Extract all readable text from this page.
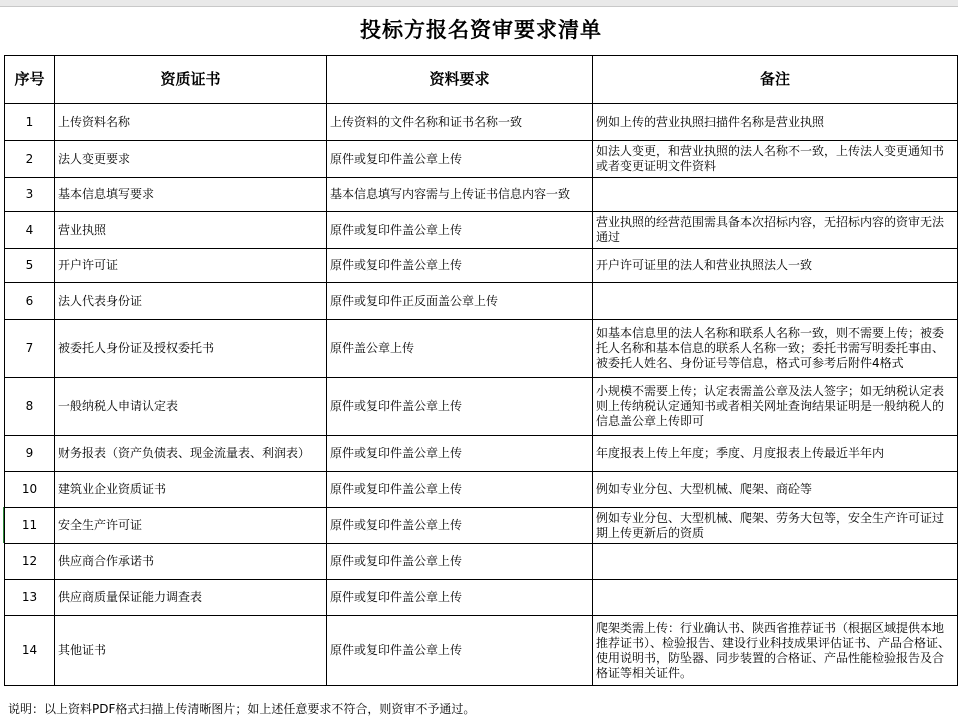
投标方报名资审要求清单			
序号	资质证书	资料要求	备注
1	上传资料名称	上传资料的文件名称和证书名称一致	例如上传的营业执照扫描件名称是营业执照
2	法人变更要求	原件或复印件盖公章上传	如法人变更，和营业执照的法人名称不一致，上传法人变更通知书或者变更证明文件资料
3	基本信息填写要求	基本信息填写内容需与上传证书信息内容一致	
4	营业执照	原件或复印件盖公章上传	营业执照的经营范围需具备本次招标内容，无招标内容的资审无法通过
5	开户许可证	原件或复印件盖公章上传	开户许可证里的法人和营业执照法人一致
6	法人代表身份证	原件或复印件正反面盖公章上传	
7	被委托人身份证及授权委托书	原件盖公章上传	如基本信息里的法人名称和联系人名称一致，则不需要上传；被委托人名称和基本信息的联系人名称一致；委托书需写明委托事由、被委托人姓名、身份证号等信息，格式可参考后附件4格式
8	一般纳税人申请认定表	原件或复印件盖公章上传	小规模不需要上传；认定表需盖公章及法人签字；如无纳税认定表则上传纳税认定通知书或者相关网址查询结果证明是一般纳税人的信息盖公章上传即可
9	财务报表（资产负债表、现金流量表、利润表）	原件或复印件盖公章上传	年度报表上传上年度；季度、月度报表上传最近半年内
10	建筑业企业资质证书	原件或复印件盖公章上传	例如专业分包、大型机械、爬架、商砼等
11	安全生产许可证	原件或复印件盖公章上传	例如专业分包、大型机械、爬架、劳务大包等，安全生产许可证过期上传更新后的资质
12	供应商合作承诺书	原件或复印件盖公章上传	
13	供应商质量保证能力调查表	原件或复印件盖公章上传	
14	其他证书	原件或复印件盖公章上传	爬架类需上传：行业确认书、陕西省推荐证书（根据区域提供本地推荐证书）、检验报告、建设行业科技成果评估证书、产品合格证、使用说明书，防坠器、同步装置的合格证、产品性能检验报告及合格证等相关证件。
说明：以上资料PDF格式扫描上传清晰图片；如上述任意要求不符合，则资审不予通过。
